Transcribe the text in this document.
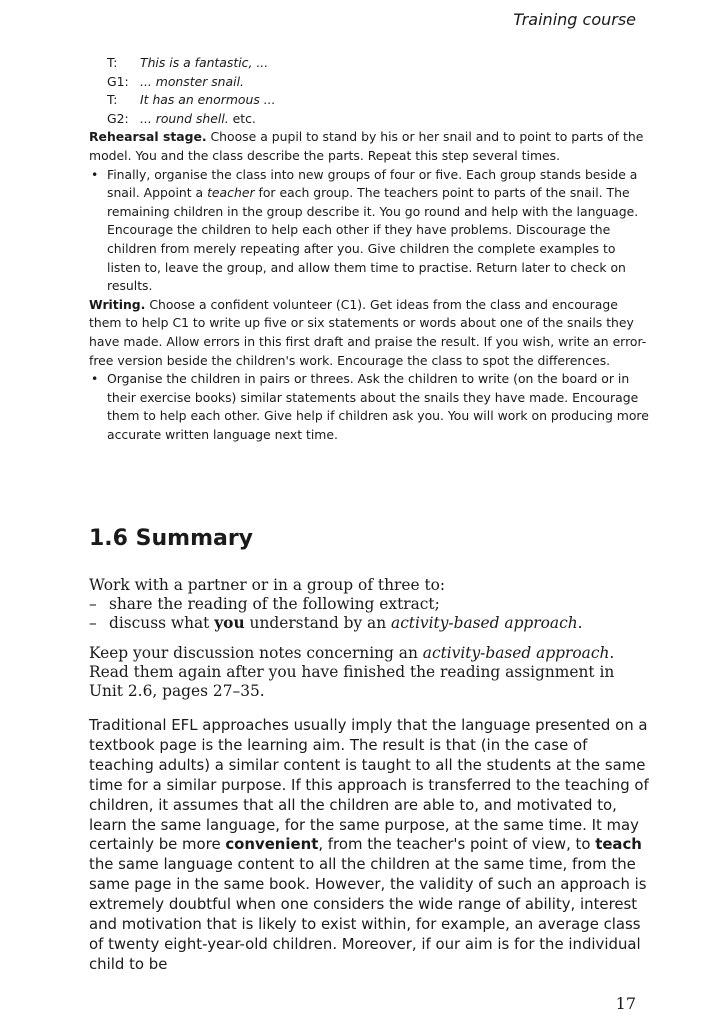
Training course
T:	This is a fantastic, ...
G1: ... monster snail.
T:	It has an enormous ...
G2: ... round shell. etc.

Rehearsal stage. Choose a pupil to stand by his or her snail and to point to parts of the model. You and the class describe the parts. Repeat this step several times.

• Finally, organise the class into new groups of four or five. Each group stands beside a snail. Appoint a teacher for each group. The teachers point to parts of the snail. The remaining children in the group describe it. You go round and help with the language. Encourage the children to help each other if they have problems. Discourage the children from merely repeating after you. Give children the complete examples to listen to, leave the group, and allow them time to practise. Return later to check on results.

Writing. Choose a confident volunteer (C1). Get ideas from the class and encourage them to help C1 to write up five or six statements or words about one of the snails they have made. Allow errors in this first draft and praise the result. If you wish, write an error-free version beside the children's work. Encourage the class to spot the differences.

• Organise the children in pairs or threes. Ask the children to write (on the board or in their exercise books) similar statements about the snails they have made. Encourage them to help each other. Give help if children ask you. You will work on producing more accurate written language next time.
1.6 Summary

Work with a partner or in a group of three to:

– share the reading of the following extract;
– discuss what you understand by an activity-based approach.

Keep your discussion notes concerning an activity-based approach. Read them again after you have finished the reading assignment in Unit 2.6, pages 27–35.

Traditional EFL approaches usually imply that the language presented on a textbook page is the learning aim. The result is that (in the case of teaching adults) a similar content is taught to all the students at the same time for a similar purpose. If this approach is transferred to the teaching of children, it assumes that all the children are able to, and motivated to, learn the same language, for the same purpose, at the same time. It may certainly be more convenient, from the teacher's point of view, to teach the same language content to all the children at the same time, from the same page in the same book. However, the validity of such an approach is extremely doubtful when one considers the wide range of ability, interest and motivation that is likely to exist within, for example, an average class of twenty eight-year-old children. Moreover, if our aim is for the individual child to be

17
